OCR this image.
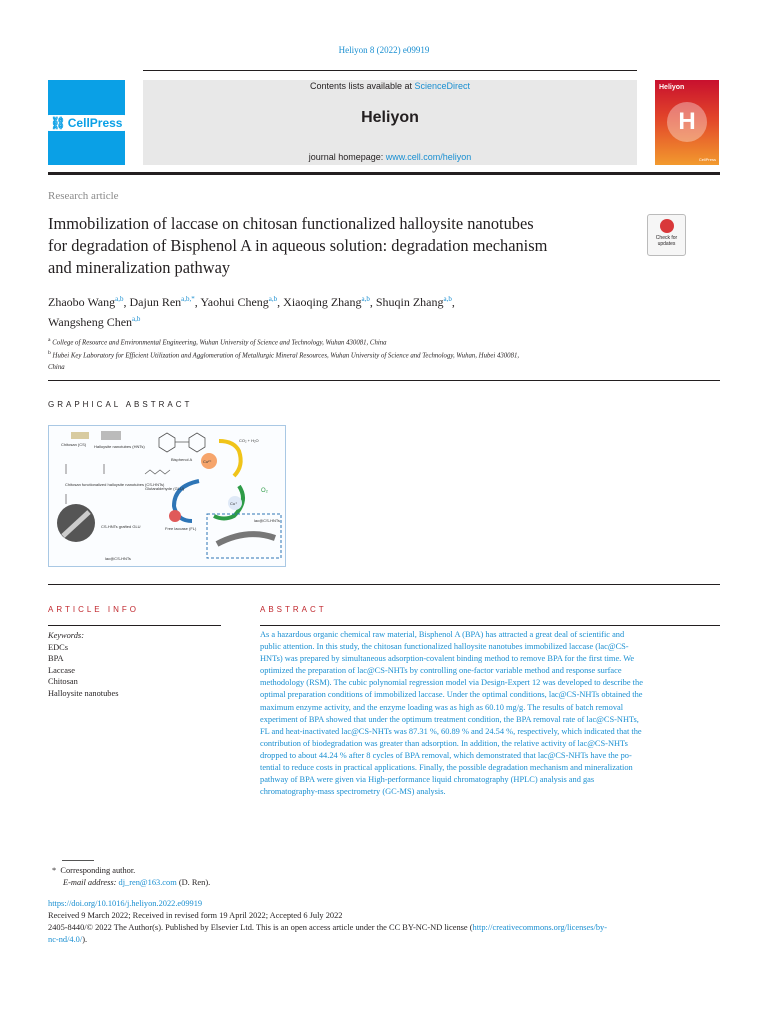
Heliyon 8 (2022) e09919
⛓ CellPress
Contents lists available at ScienceDirect
Heliyon
journal homepage: www.cell.com/heliyon
Heliyon
H
CellPress
Research article
Immobilization of laccase on chitosan functionalized halloysite nanotubes
for degradation of Bisphenol A in aqueous solution: degradation mechanism
and mineralization pathway
Check for updates
Zhaobo Wang$^{a,b}$, Dajun Ren$^{a,b,*}$, Yaohui Cheng$^{a,b}$, Xiaoqing Zhang$^{a,b}$, Shuqin Zhang$^{a,b}$,
Wangsheng Chen$^{a,b}$
$^a$ College of Resource and Environmental Engineering, Wuhan University of Science and Technology, Wuhan 430081, China
$^b$ Hubei Key Laboratory for Efficient Utilization and Agglomeration of Metallurgic Mineral Resources, Wuhan University of Science and Technology, Wuhan, Hubei 430081,
China
GRAPHICAL ABSTRACT
Chitosan (CS) Halloysite nanotubes (HNTs)
Bisphenol A
CO₂ + H₂O
Cu²⁺
Cu⁺
O₂
Chitosan functionalized halloysite nanotubes (CS-HNTs)
Glutaraldehyde (GLU)
CS-HNTs grafted GLU	Free laccase (FL)
lac@CS-HNTs
lac@CS-HNTs
ARTICLE INFO
Keywords:
EDCs
BPA
Laccase
Chitosan
Halloysite nanotubes
ABSTRACT
As a hazardous organic chemical raw material, Bisphenol A (BPA) has attracted a great deal of scientific and
public attention. In this study, the chitosan functionalized halloysite nanotubes immobilized laccase (lac@CS-
HNTs) was prepared by simultaneous adsorption-covalent binding method to remove BPA for the first time. We
optimized the preparation of lac@CS-NHTs by controlling one-factor variable method and response surface
methodology (RSM). The cubic polynomial regression model via Design-Expert 12 was developed to describe the
optimal preparation conditions of immobilized laccase. Under the optimal conditions, lac@CS-NHTs obtained the
maximum enzyme activity, and the enzyme loading was as high as 60.10 mg/g. The results of batch removal
experiment of BPA showed that under the optimum treatment condition, the BPA removal rate of lac@CS-NHTs,
FL and heat-inactivated lac@CS-NHTs was 87.31 %, 60.89 % and 24.54 %, respectively, which indicated that the
contribution of biodegradation was greater than adsorption. In addition, the relative activity of lac@CS-NHTs
dropped to about 44.24 % after 8 cycles of BPA removal, which demonstrated that lac@CS-NHTs have the po-
tential to reduce costs in practical applications. Finally, the possible degradation mechanism and mineralization
pathway of BPA were given via High-performance liquid chromatography (HPLC) analysis and gas
chromatography-mass spectrometry (GC-MS) analysis.
* Corresponding author.
E-mail address: dj_ren@163.com (D. Ren).
https://doi.org/10.1016/j.heliyon.2022.e09919
Received 9 March 2022; Received in revised form 19 April 2022; Accepted 6 July 2022
2405-8440/© 2022 The Author(s). Published by Elsevier Ltd. This is an open access article under the CC BY-NC-ND license (http://creativecommons.org/licenses/by-
nc-nd/4.0/).
